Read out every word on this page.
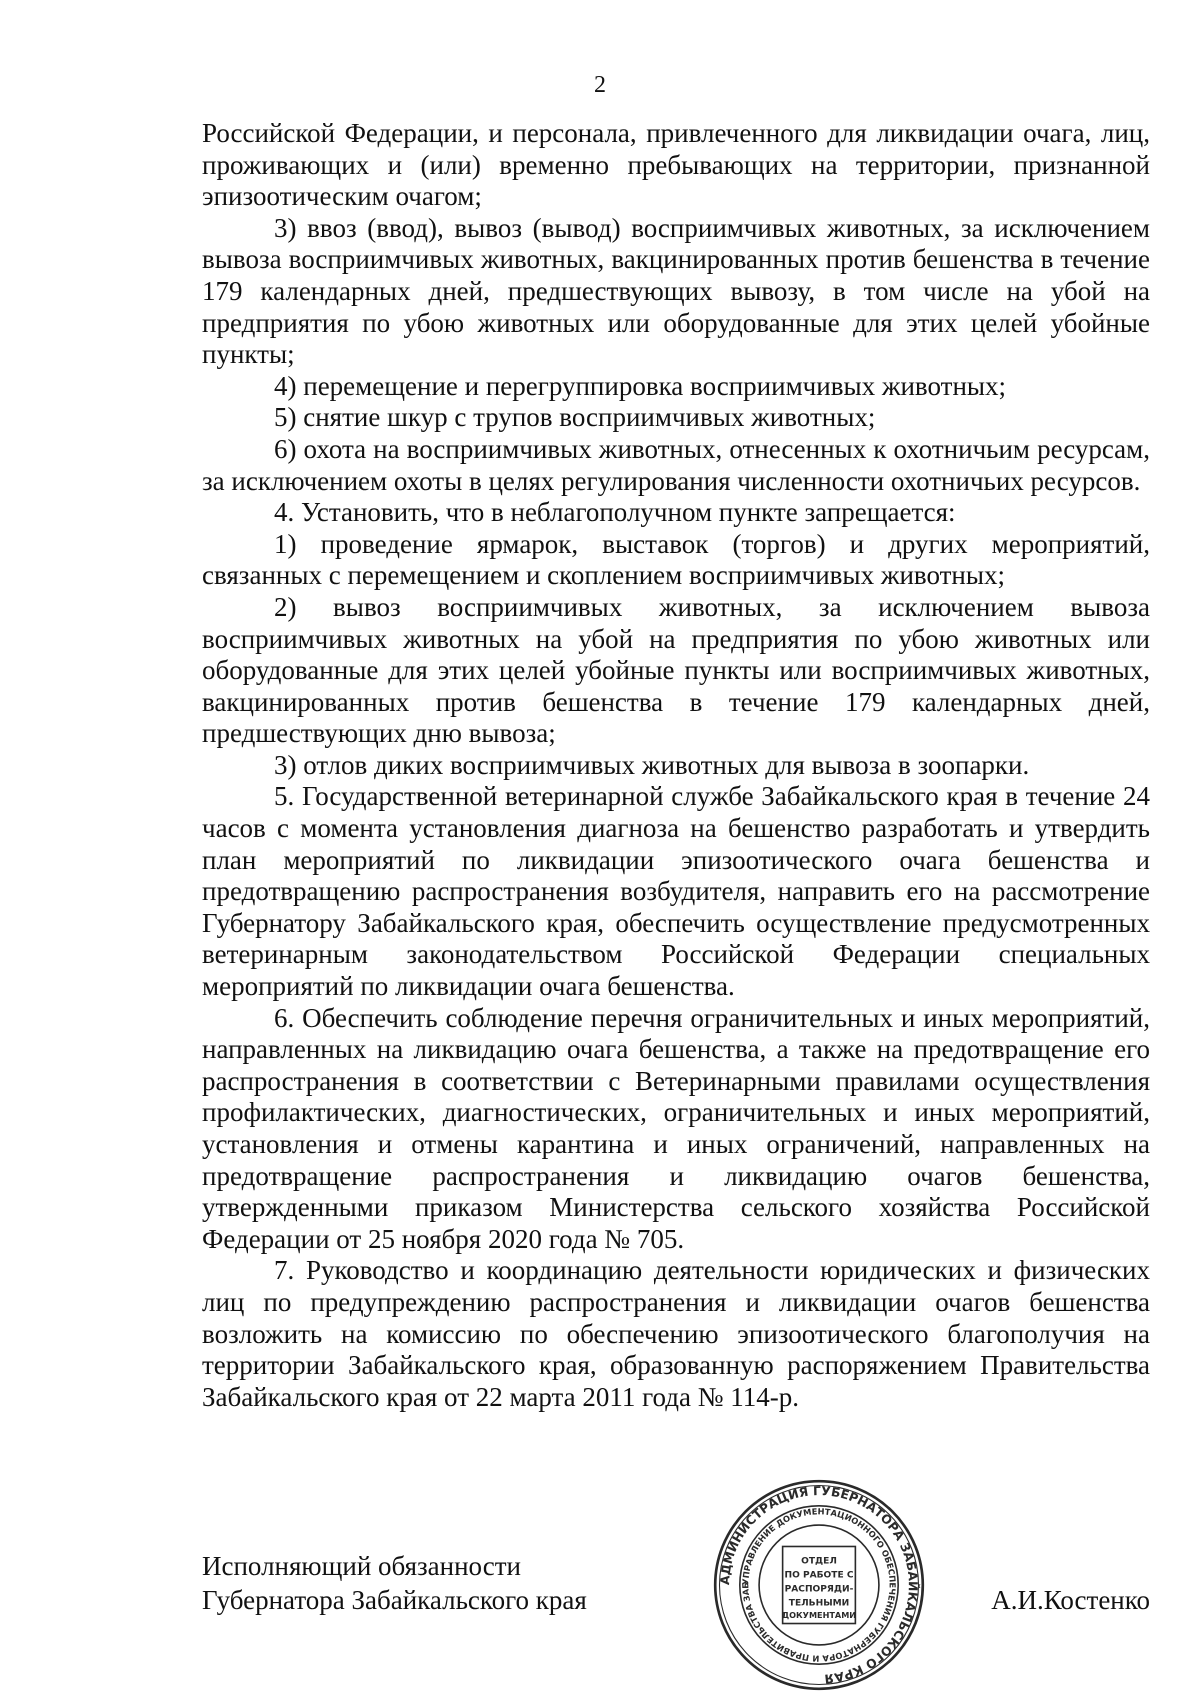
2

Российской Федерации, и персонала, привлеченного для ликвидации очага, лиц, проживающих и (или) временно пребывающих на территории, признанной эпизоотическим очагом;

3) ввоз (ввод), вывоз (вывод) восприимчивых животных, за исключением вывоза восприимчивых животных, вакцинированных против бешенства в течение 179 календарных дней, предшествующих вывозу, в том числе на убой на предприятия по убою животных или оборудованные для этих целей убойные пункты;

4) перемещение и перегруппировка восприимчивых животных;

5) снятие шкур с трупов восприимчивых животных;

6) охота на восприимчивых животных, отнесенных к охотничьим ресурсам, за исключением охоты в целях регулирования численности охотничьих ресурсов.

4. Установить, что в неблагополучном пункте запрещается:

1) проведение ярмарок, выставок (торгов) и других мероприятий, связанных с перемещением и скоплением восприимчивых животных;

2) вывоз восприимчивых животных, за исключением вывоза восприимчивых животных на убой на предприятия по убою животных или оборудованные для этих целей убойные пункты или восприимчивых животных, вакцинированных против бешенства в течение 179 календарных дней, предшествующих дню вывоза;

3) отлов диких восприимчивых животных для вывоза в зоопарки.

5. Государственной ветеринарной службе Забайкальского края в течение 24 часов с момента установления диагноза на бешенство разработать и утвердить план мероприятий по ликвидации эпизоотического очага бешенства и предотвращению распространения возбудителя, направить его на рассмотрение Губернатору Забайкальского края, обеспечить осуществление предусмотренных ветеринарным законодательством Российской Федерации специальных мероприятий по ликвидации очага бешенства.

6. Обеспечить соблюдение перечня ограничительных и иных мероприятий, направленных на ликвидацию очага бешенства, а также на предотвращение его распространения в соответствии с Ветеринарными правилами осуществления профилактических, диагностических, ограничительных и иных мероприятий, установления и отмены карантина и иных ограничений, направленных на предотвращение распространения и ликвидацию очагов бешенства, утвержденными приказом Министерства сельского хозяйства Российской Федерации от 25 ноября 2020 года № 705.

7. Руководство и координацию деятельности юридических и физических лиц по предупреждению распространения и ликвидации очагов бешенства возложить на комиссию по обеспечению эпизоотического благополучия на территории Забайкальского края, образованную распоряжением Правительства Забайкальского края от 22 марта 2011 года № 114-р.

Исполняющий обязанности
Губернатора Забайкальского края	А.И.Костенко
АДМИНИСТРАЦИЯ ГУБЕРНАТОРА ЗАБАЙКАЛЬСКОГО КРАЯ
УПРАВЛЕНИЕ ДОКУМЕНТАЦИОННОГО ОБЕСПЕЧЕНИЯ ГУБЕРНАТОРА И ПРАВИТЕЛЬСТВА ЗАБ
ОТДЕЛ
ПО РАБОТЕ С
РАСПОРЯДИ-
ТЕЛЬНЫМИ
ДОКУМЕНТАМИ
